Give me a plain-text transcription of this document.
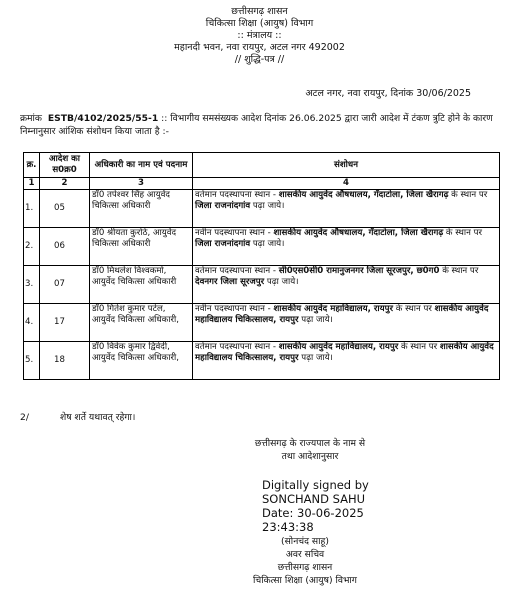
छत्तीसगढ़ शासन
चिकित्सा शिक्षा (आयुष) विभाग
:: मंत्रालय ::
महानदी भवन, नवा रायपुर, अटल नगर 492002
// शुद्धि-पत्र //
अटल नगर, नवा रायपुर, दिनांक 30/06/2025
क्रमांक ESTB/4102/2025/55-1 :: विभागीय समसंख्यक आदेश दिनांक 26.06.2025 द्वारा जारी आदेश में टंकण त्रुटि होने के कारण निम्नानुसार आंशिक संशोधन किया जाता है :-
क्र.	आदेश का स0क्र0	अधिकारी का नाम एवं पदनाम	संशोधन
1	2	3	4
1.	05	डॉ0 तपेश्वर सिंह आयुर्वेद चिकित्सा अधिकारी	वर्तमान पदस्थापना स्थान - शासकीय आयुर्वेद औषधालय, गँदाटोला, जिला खैरागढ़ के स्थान पर जिला राजनांदगांव पढ़ा जाये।
2.	06	डॉ0 श्रीयता कुरोठे, आयुर्वेद चिकित्सा अधिकारी	नवीन पदस्थापना स्थान - शासकीय आयुर्वेद औषधालय, गँदाटोला, जिला खैरागढ़ के स्थान पर जिला राजनांदगांव पढ़ा जाये।
3.	07	डॉ0 मिथलेश विश्वकर्मा, आयुर्वेद चिकित्सा अधिकारी	वर्तमान पदस्थापना स्थान - सी0एस0सी0 रामानुजनगर जिला सूरजपुर, छ0ग0 के स्थान पर देवनगर जिला सूरजपुर पढ़ा जाये।
4.	17	डॉ0 गितेश कुमार पटेल, आयुर्वेद चिकित्सा अधिकारी,	नवीन पदस्थापना स्थान - शासकीय आयुर्वेद महाविद्यालय, रायपुर के स्थान पर शासकीय आयुर्वेद महाविद्यालय चिकित्सालय, रायपुर पढ़ा जाये।
5.	18	डॉ0 विवेक कुमार द्विवेदी, आयुर्वेद चिकित्सा अधिकारी,	वर्तमान पदस्थापना स्थान - शासकीय आयुर्वेद महाविद्यालय, रायपुर के स्थान पर शासकीय आयुर्वेद महाविद्यालय चिकित्सालय, रायपुर पढ़ा जाये।
2/	शेष शर्ते यथावत् रहेगा।
छत्तीसगढ़ के राज्यपाल के नाम से
तथा आदेशानुसार
Digitally signed by
SONCHAND SAHU
Date: 30-06-2025
23:43:38
(सोनचंद साहू)
अवर सचिव
छत्तीसगढ़ शासन
चिकित्सा शिक्षा (आयुष) विभाग
